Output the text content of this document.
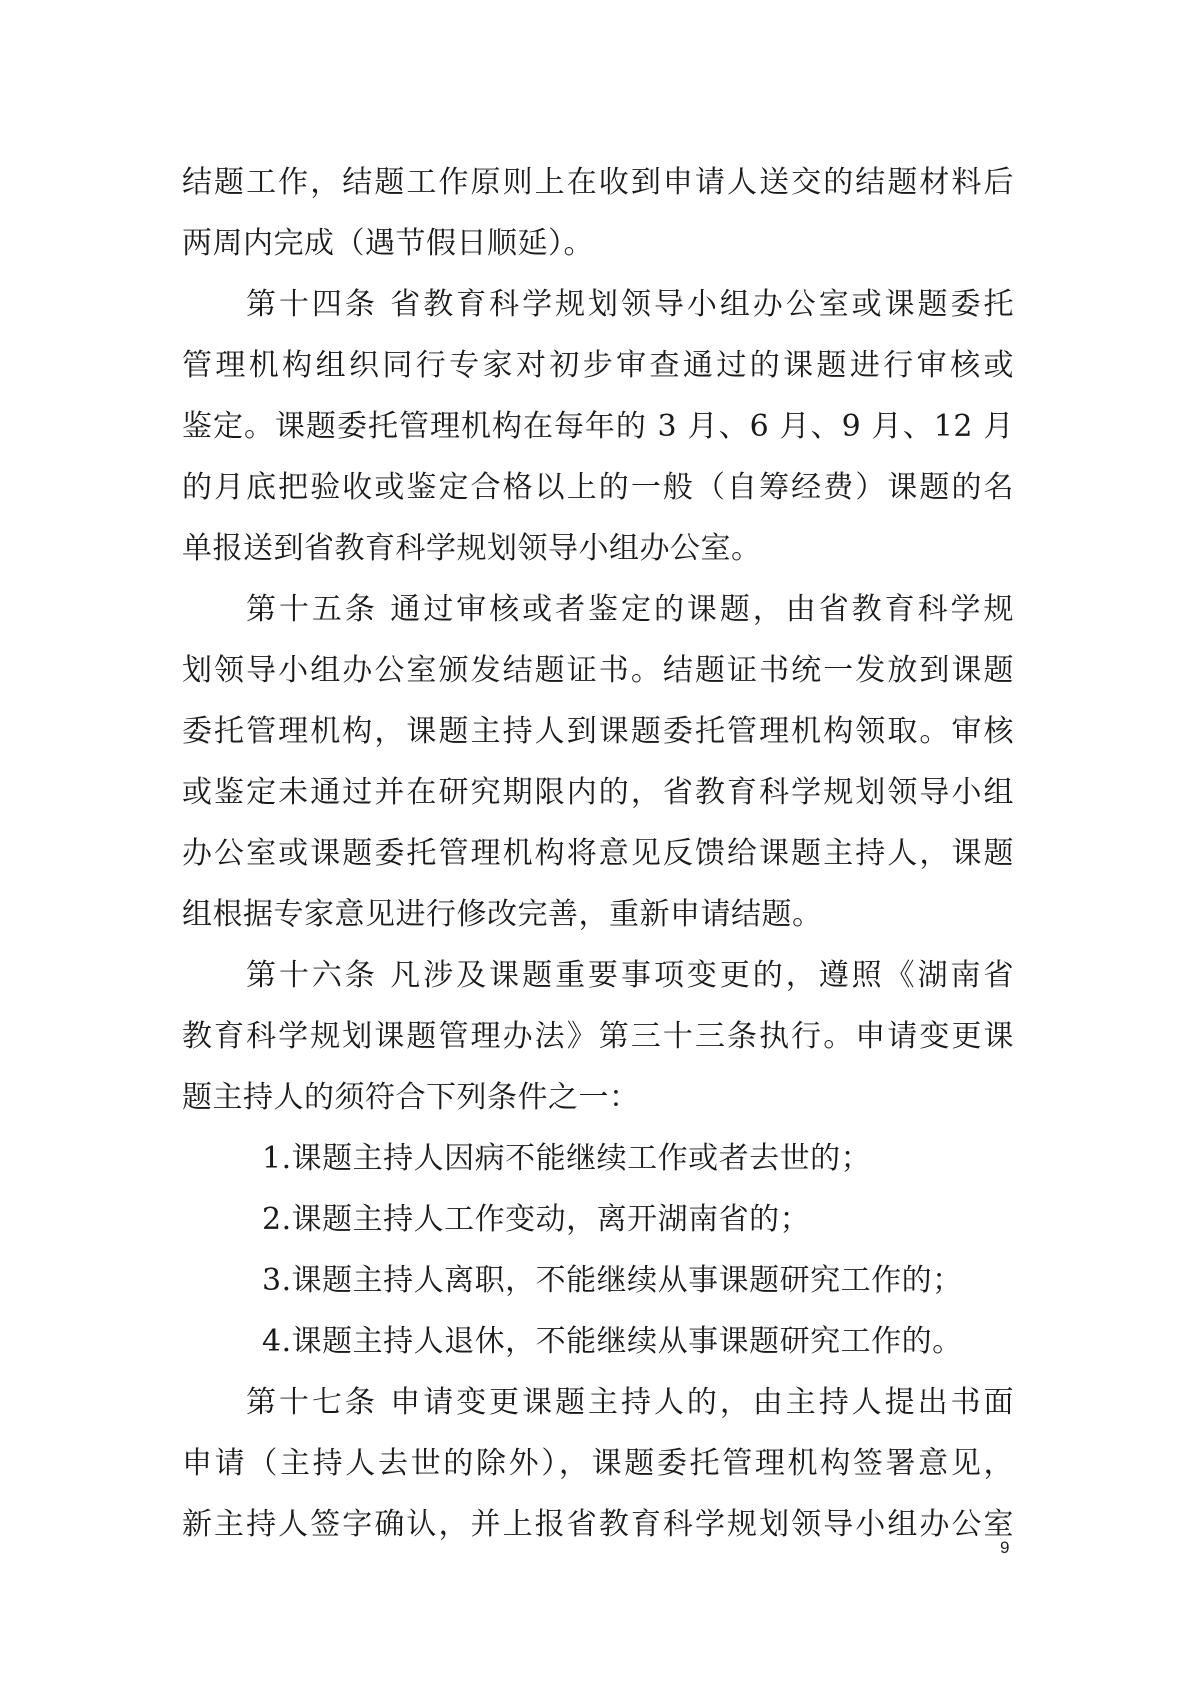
结题工作，结题工作原则上在收到申请人送交的结题材料后
两周内完成（遇节假日顺延）。
第十四条 省教育科学规划领导小组办公室或课题委托
管理机构组织同行专家对初步审查通过的课题进行审核或
鉴定。课题委托管理机构在每年的 3 月、6 月、9 月、12 月
的月底把验收或鉴定合格以上的一般（自筹经费）课题的名
单报送到省教育科学规划领导小组办公室。
第十五条 通过审核或者鉴定的课题，由省教育科学规
划领导小组办公室颁发结题证书。结题证书统一发放到课题
委托管理机构，课题主持人到课题委托管理机构领取。审核
或鉴定未通过并在研究期限内的，省教育科学规划领导小组
办公室或课题委托管理机构将意见反馈给课题主持人，课题
组根据专家意见进行修改完善，重新申请结题。
第十六条 凡涉及课题重要事项变更的，遵照《湖南省
教育科学规划课题管理办法》第三十三条执行。申请变更课
题主持人的须符合下列条件之一：
1.课题主持人因病不能继续工作或者去世的；
2.课题主持人工作变动，离开湖南省的；
3.课题主持人离职，不能继续从事课题研究工作的；
4.课题主持人退休，不能继续从事课题研究工作的。
第十七条 申请变更课题主持人的，由主持人提出书面
申请（主持人去世的除外），课题委托管理机构签署意见，
新主持人签字确认，并上报省教育科学规划领导小组办公室
9
